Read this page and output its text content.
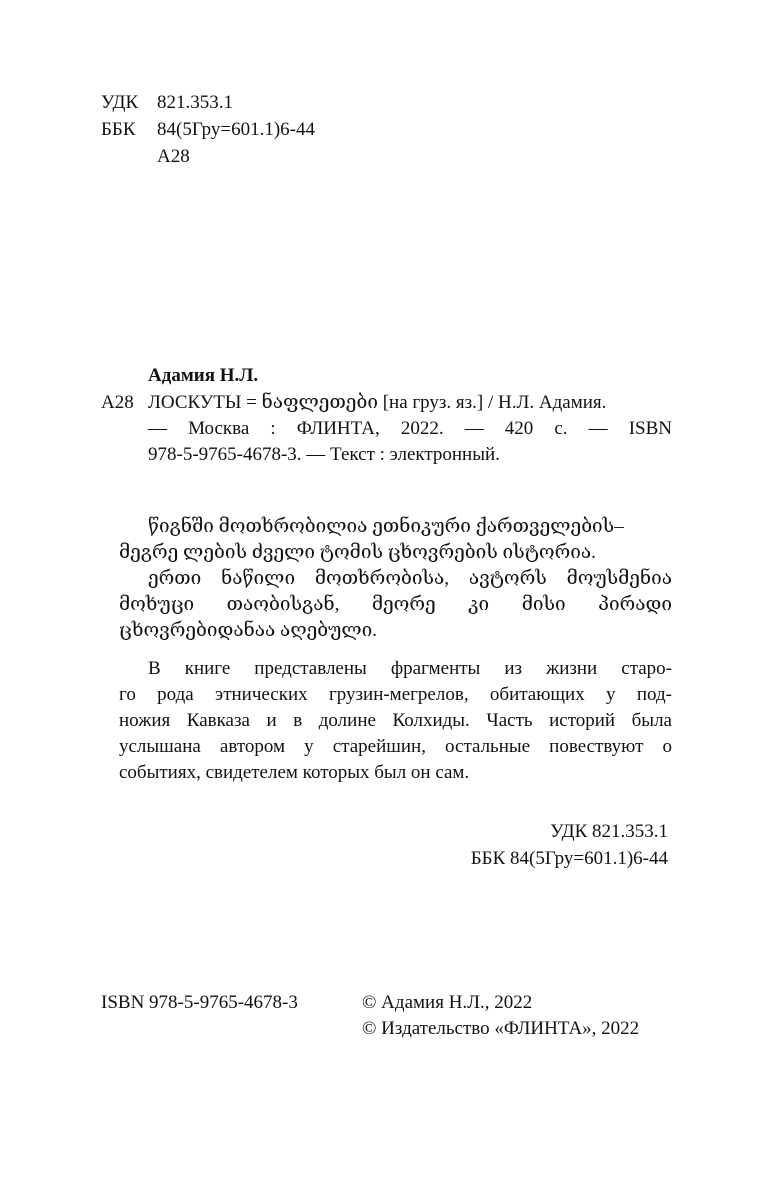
УДК 821.353.1
ББК 84(5Гру=601.1)6-44
А28
Адамия Н.Л.
А28 ЛОСКУТЫ = ნაფლეთები [на груз. яз.] / Н.Л. Адамия.
— Москва : ФЛИНТА, 2022. — 420 с. — ISBN
978-5-9765-4678-3. — Текст : электронный.
წიგნში მოთხრობილია ეთნიკური ქართველების–
მეგრე ლების ძველი ტომის ცხოვრების ისტორია.
ერთი ნაწილი მოთხრობისა, ავტორს მოუსმენია
მოხუცი თაობისგან, მეორე კი მისი პირადი
ცხოვრებიდანაა აღებული.
В книге представлены фрагменты из жизни старо-
го рода этнических грузин-мегрелов, обитающих у под-
ножия Кавказа и в долине Колхиды. Часть историй была
услышана автором у старейшин, остальные повествуют о
событиях, свидетелем которых был он сам.
УДК 821.353.1
ББК 84(5Гру=601.1)6-44
ISBN 978-5-9765-4678-3	© Адамия Н.Л., 2022
© Издательство «ФЛИНТА», 2022
